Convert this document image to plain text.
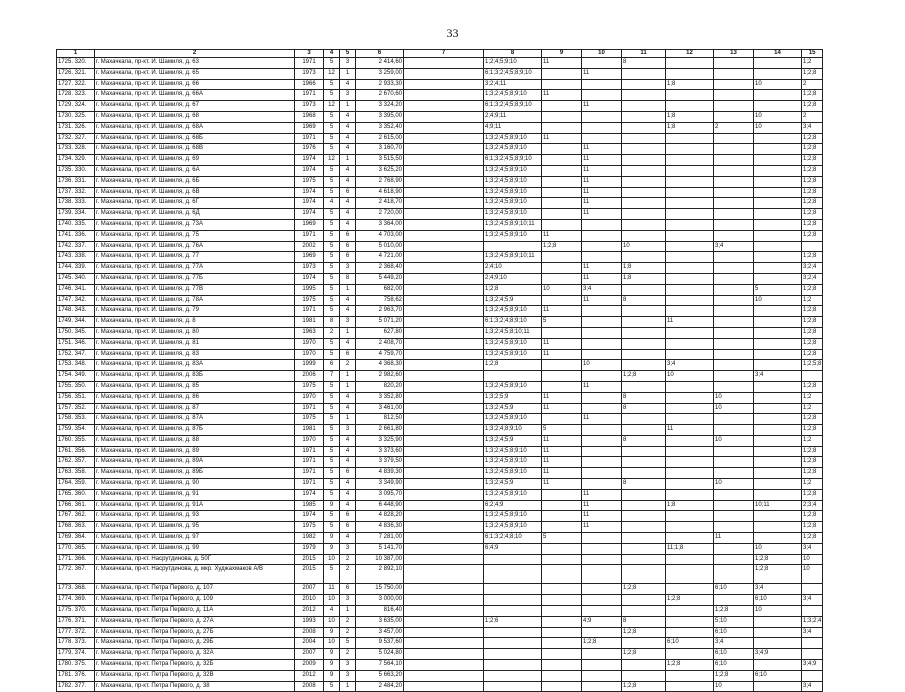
33
1	2	3	4	5	6	7	8	9	10	11	12	13	14	15
1725. 320.	г. Махачкала, пр-кт. И. Шамиля, д. 63	1971	5	3	2 414,60		1;2;4;5;9;10	11		8				1;2
1726. 321.	г. Махачкала, пр-кт. И. Шамиля, д. 65	1973	12	1	3 259,00		6;1;3;2;4;5;8;9;10		11					1;2;8
1727. 322.	г. Махачкала, пр-кт. И. Шамиля, д. 66	1966	5	4	2 933,30		3;2;4;11				1;8		10	2
1728. 323.	г. Махачкала, пр-кт. И. Шамиля, д. 66А	1971	5	3	2 670,60		1;3;2;4;5;8;9;10	11						1;2;8
1729. 324.	г. Махачкала, пр-кт. И. Шамиля, д. 67	1973	12	1	3 324,20		6;1;3;2;4;5;8;9;10		11					1;2;8
1730. 325.	г. Махачкала, пр-кт. И. Шамиля, д. 68	1968	5	4	3 395,00		2;4;9;11				1;8		10	2
1731. 326.	г. Махачкала, пр-кт. И. Шамиля, д. 68А	1969	5	4	3 352,40		4;9;11				1;8	2	10	3;4
1732. 327.	г. Махачкала, пр-кт. И. Шамиля, д. 68Б	1971	5	4	2 615,00		1;3;2;4;5;8;9;10	11						1;2;8
1733. 328.	г. Махачкала, пр-кт. И. Шамиля, д. 68В	1976	5	4	3 160,70		1;3;2;4;5;8;9;10		11					1;2;8
1734. 329.	г. Махачкала, пр-кт. И. Шамиля, д. 69	1974	12	1	3 515,50		6;1;3;2;4;5;8;9;10		11					1;2;8
1735. 330.	г. Махачкала, пр-кт. И. Шамиля, д. 6А	1974	5	4	3 625,20		1;3;2;4;5;8;9;10		11					1;2;8
1736. 331.	г. Махачкала, пр-кт. И. Шамиля, д. 6Б	1975	5	4	2 768,90		1;3;2;4;5;8;9;10		11					1;2;8
1737. 332.	г. Махачкала, пр-кт. И. Шамиля, д. 6В	1974	5	6	4 618,90		1;3;2;4;5;8;9;10		11					1;2;8
1738. 333.	г. Махачкала, пр-кт. И. Шамиля, д. 6Г	1974	4	4	2 418,70		1;3;2;4;5;8;9;10		11					1;2;8
1739. 334.	г. Махачкала, пр-кт. И. Шамиля, д. 6Д	1974	5	4	2 720,00		1;3;2;4;5;8;9;10		11					1;2;8
1740. 335.	г. Махачкала, пр-кт. И. Шамиля, д. 73А	1969	5	4	3 364,00		1;3;2;4;5;8;9;10;11							1;2;8
1741. 336.	г. Махачкала, пр-кт. И. Шамиля, д. 75	1971	5	6	4 703,00		1;3;2;4;5;8;9;10	11						1;2;8
1742. 337.	г. Махачкала, пр-кт. И. Шамиля, д. 76А	2002	5	6	5 010,00			1;2;8		10		3;4		
1743. 338.	г. Махачкала, пр-кт. И. Шамиля, д. 77	1969	5	6	4 721,00		1;3;2;4;5;8;9;10;11							1;2;8
1744. 339.	г. Махачкала, пр-кт. И. Шамиля, д. 77А	1973	5	3	2 368,40		2;4;10		11	1;8				3;2;4
1745. 340.	г. Махачкала, пр-кт. И. Шамиля, д. 77Б	1974	5	8	5 449,20		2;4;9;10		11	1;8				3;2;4
1746. 341.	г. Махачкала, пр-кт. И. Шамиля, д. 77В	1995	5	1	682,00		1;2;8	10	3;4				5	1;2;8
1747. 342.	г. Махачкала, пр-кт. И. Шамиля, д. 78А	1975	5	4	758,62		1;3;2;4;5;9		11	8			10	1;2
1748. 343.	г. Махачкала, пр-кт. И. Шамиля, д. 79	1971	5	4	2 963,70		1;3;2;4;5;8;9;10	11						1;2;8
1749. 344.	г. Махачкала, пр-кт. И. Шамиля, д. 8	1981	8	3	5 071,20		6;1;3;2;4;8;9;10	5			11			1;2;8
1750. 345.	г. Махачкала, пр-кт. И. Шамиля, д. 80	1963	2	1	627,80		1;3;2;4;5;8;10;11							1;2;8
1751. 346.	г. Махачкала, пр-кт. И. Шамиля, д. 81	1970	5	4	2 408,70		1;3;2;4;5;8;9;10	11						1;2;8
1752. 347.	г. Махачкала, пр-кт. И. Шамиля, д. 83	1970	5	6	4 759,70		1;3;2;4;5;8;9;10	11						1;2;8
1753. 348.	г. Махачкала, пр-кт. И. Шамиля, д. 83А	1999	6	2	4 368,30		1;2;8		10		3;4			1;2;5;8
1754. 349.	г. Махачкала, пр-кт. И. Шамиля, д. 83Б	2006	7	1	2 982,60					1;2;8	10		3;4	
1755. 350.	г. Махачкала, пр-кт. И. Шамиля, д. 85	1975	5	1	820,20		1;3;2;4;5;8;9;10		11					1;2;8
1756. 351.	г. Махачкала, пр-кт. И. Шамиля, д. 86	1970	5	4	3 352,80		1;3;2;5;9	11		8		10		1;2
1757. 352.	г. Махачкала, пр-кт. И. Шамиля, д. 87	1971	5	4	3 461,00		1;3;2;4;5;9	11		8		10		1;2
1758. 353.	г. Махачкала, пр-кт. И. Шамиля, д. 87А	1975	5	1	812,50		1;3;2;4;5;8;9;10		11					1;2;8
1759. 354.	г. Махачкала, пр-кт. И. Шамиля, д. 87Б	1981	5	3	2 661,80		1;3;2;4;8;9;10	5			11			1;2;8
1760. 355.	г. Махачкала, пр-кт. И. Шамиля, д. 88	1970	5	4	3 325,90		1;3;2;4;5;9	11		8		10		1;2
1761. 356.	г. Махачкала, пр-кт. И. Шамиля, д. 89	1971	5	4	3 373,60		1;3;2;4;5;8;9;10	11						1;2;8
1762. 357.	г. Махачкала, пр-кт. И. Шамиля, д. 89А	1971	5	4	3 379,50		1;3;2;4;5;8;9;10	11						1;2;8
1763. 358.	г. Махачкала, пр-кт. И. Шамиля, д. 89Б	1971	5	6	4 839,30		1;3;2;4;5;8;9;10	11						1;2;8
1764. 359.	г. Махачкала, пр-кт. И. Шамиля, д. 90	1971	5	4	3 349,90		1;3;2;4;5;9	11		8		10		1;2
1765. 360.	г. Махачкала, пр-кт. И. Шамиля, д. 91	1974	5	4	3 095,70		1;3;2;4;5;8;9;10		11					1;2;8
1766. 361.	г. Махачкала, пр-кт. И. Шамиля, д. 91А	1985	9	4	6 448,90		6;2;4;9		11		1;8		10;11	2;3;4
1767. 362.	г. Махачкала, пр-кт. И. Шамиля, д. 93	1974	5	6	4 828,20		1;3;2;4;5;8;9;10		11					1;2;8
1768. 363.	г. Махачкала, пр-кт. И. Шамиля, д. 95	1975	5	6	4 836,30		1;3;2;4;5;8;9;10		11					1;2;8
1769. 364.	г. Махачкала, пр-кт. И. Шамиля, д. 97	1982	9	4	7 281,00		6;1;3;2;4;8;10	5				11		1;2;8
1770. 365.	г. Махачкала, пр-кт. И. Шамиля, д. 99	1979	9	3	5 141,70		6;4;9				11;1;8		10	3;4
1771. 366.	г. Махачкала, пр-кт. Насрутдинова, д. 50Г	2015	10	2	10 387,00								1;2;8	10
1772. 367.	г. Махачкала, пр-кт. Насрутдинова, д. мкр. Худжахмаков А/В	2015	5	2	2 892,10								1;2;8	10
1773. 368.	г. Махачкала, пр-кт. Петра Первого, д. 107	2007	11	6	15 750,00					1;2;8		6;10	3;4	
1774. 369.	г. Махачкала, пр-кт. Петра Первого, д. 109	2010	10	3	3 000,00						1;2;8		6;10	3;4
1775. 370.	г. Махачкала, пр-кт. Петра Первого, д. 11А	2012	4	1	816,40							1;2;8	10	
1776. 371.	г. Махачкала, пр-кт. Петра Первого, д. 27А	1993	10	2	3 635,00		1;2;6		4;9	8		5;10		1;3;2;4
1777. 372.	г. Махачкала, пр-кт. Петра Первого, д. 27Б	2008	9	2	3 457,00					1;2;8		6;10		3;4
1778. 373.	г. Махачкала, пр-кт. Петра Первого, д. 29Б	2004	10	5	9 537,60				1;2;8		6;10	3;4		
1779. 374.	г. Махачкала, пр-кт. Петра Первого, д. 32А	2007	9	2	5 024,80					1;2;8		6;10	3;4;9	
1780. 375.	г. Махачкала, пр-кт. Петра Первого, д. 32Б	2009	9	3	7 564,10						1;2;8	6;10		3;4;9
1781. 376.	г. Махачкала, пр-кт. Петра Первого, д. 32В	2012	9	3	5 663,20							1;2;8	6;10	
1782. 377.	г. Махачкала, пр-кт. Петра Первого, д. 38	2008	5	1	2 484,20					1;2;8		10		3;4
